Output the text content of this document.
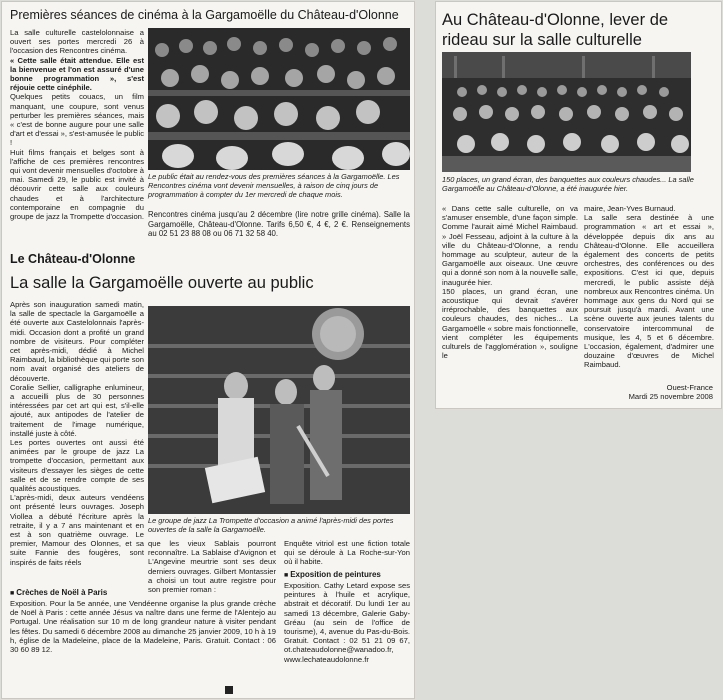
Premières séances de cinéma à la Gargamoëlle du Château-d'Olonne

La salle culturelle castelolonnaise a ouvert ses portes mercredi 26 à l'occasion des Rencontres cinéma.

« Cette salle était attendue. Elle est la bienvenue et l'on est assuré d'une bonne programmation », s'est réjouie cette cinéphile.

Quelques petits couacs, un film manquant, une coupure, sont venus perturber les premières séances, mais « c'est de bonne augure pour une salle d'art et d'essai », s'est-amusée le public !

Huit films français et belges sont à l'affiche de ces premières rencontres qui vont devenir mensuelles d'octobre à mai. Samedi 29, le public est invité à découvrir cette salle aux couleurs chaudes et à l'architecture contemporaine en compagnie du groupe de jazz la Trompette d'occasion.

Le public était au rendez-vous des premières séances à la Gargamoëlle. Les Rencontres cinéma vont devenir mensuelles, à raison de cinq jours de programmation à compter du 1er mercredi de chaque mois.

Rencontres cinéma jusqu'au 2 décembre (lire notre grille cinéma). Salle la Gargamoëlle, Château-d'Olonne. Tarifs 6,50 €, 4 €, 2 €. Renseignements au 02 51 23 88 08 ou 06 71 32 58 40.

Le Château-d'Olonne
La salle la Gargamoëlle ouverte au public

Après son inauguration samedi matin, la salle de spectacle la Gargamoëlle a été ouverte aux Castelolonnais l'après-midi. Occasion dont a profité un grand nombre de visiteurs. Pour compléter cet après-midi, dédié à Michel Raimbaud, la bibliothèque qui porte son nom avait organisé des ateliers de découverte.

Coralie Sellier, calligraphe enlumineur, a accueilli plus de 30 personnes intéressées par cet art qui est, s'il-elle ajouté, aux antipodes de l'atelier de traitement de l'image numérique, installé juste à côté.

Les portes ouvertes ont aussi été animées par le groupe de jazz La trompette d'occasion, permettant aux visiteurs d'essayer les sièges de cette salle et de se rendre compte de ses qualités acoustiques.

L'après-midi, deux auteurs vendéens ont présenté leurs ouvrages. Joseph Viollea a débuté l'écriture après la retraite, il y a 7 ans maintenant et en est à son quatrième ouvrage. Le premier, Mamour des Olonnes, et sa suite Fannie des fougères, sont inspirés de faits réels

Le groupe de jazz La Trompette d'occasion a animé l'après-midi des portes ouvertes de la salle la Gargamoëlle.

que les vieux Sablais pourront reconnaître. La Sablaise d'Avignon et L'Angevine meurtrie sont ses deux derniers ouvrages. Gilbert Montassier a choisi un tout autre registre pour son premier roman :

Enquête vitriol est une fiction totale qui se déroule à La Roche-sur-Yon où il habite.

■ Exposition de peintures

Exposition. Cathy Letard expose ses peintures à l'huile et acrylique, abstrait et décoratif. Du lundi 1er au samedi 13 décembre, Galerie Gaby-Gréau (au sein de l'office de tourisme), 4, avenue du Pas-du-Bois. Gratuit. Contact : 02 51 21 09 67, ot.chateaudolonne@wanadoo.fr, www.lechateaudolonne.fr

■ Crèches de Noël à Paris

Exposition. Pour la 5e année, une Vendéenne organise la plus grande crèche de Noël à Paris : cette année Jésus va naître dans une ferme de l'Alentejo au Portugal. Une réalisation sur 10 m de long grandeur nature à visiter pendant les fêtes. Du samedi 6 décembre 2008 au dimanche 25 janvier 2009, 10 h à 19 h, église de la Madeleine, place de la Madeleine, Paris. Gratuit. Contact : 06 30 60 89 12.

Au Château-d'Olonne, lever de rideau sur la salle culturelle

150 places, un grand écran, des banquettes aux couleurs chaudes... La salle Gargamoëlle au Château-d'Olonne, a été inaugurée hier.

« Dans cette salle culturelle, on va s'amuser ensemble, d'une façon simple. Comme l'aurait aimé Michel Raimbaud. » Joël Fesseau, adjoint à la culture à la ville du Château-d'Olonne, a rendu hommage au sculpteur, auteur de la Gargamoëlle aux oiseaux. Une œuvre qui a donné son nom à la nouvelle salle, inaugurée hier.

150 places, un grand écran, une acoustique qui devrait s'avérer irréprochable, des banquettes aux couleurs chaudes, des niches... La Gargamoëlle « sobre mais fonctionnelle, vient compléter les équipements culturels de l'agglomération », souligne le

maire, Jean-Yves Burnaud.

La salle sera destinée à une programmation « art et essai », développée depuis dix ans au Château-d'Olonne. Elle accueillera également des concerts de petits orchestres, des conférences ou des expositions. C'est ici que, depuis mercredi, le public assiste déjà nombreux aux Rencontres cinéma. Un hommage aux gens du Nord qui se poursuit jusqu'à mardi. Avant une scène ouverte aux jeunes talents du conservatoire intercommunal de musique, les 4, 5 et 6 décembre. L'occasion, également, d'admirer une douzaine d'œuvres de Michel Raimbaud.

Ouest-France

Mardi 25 novembre 2008
